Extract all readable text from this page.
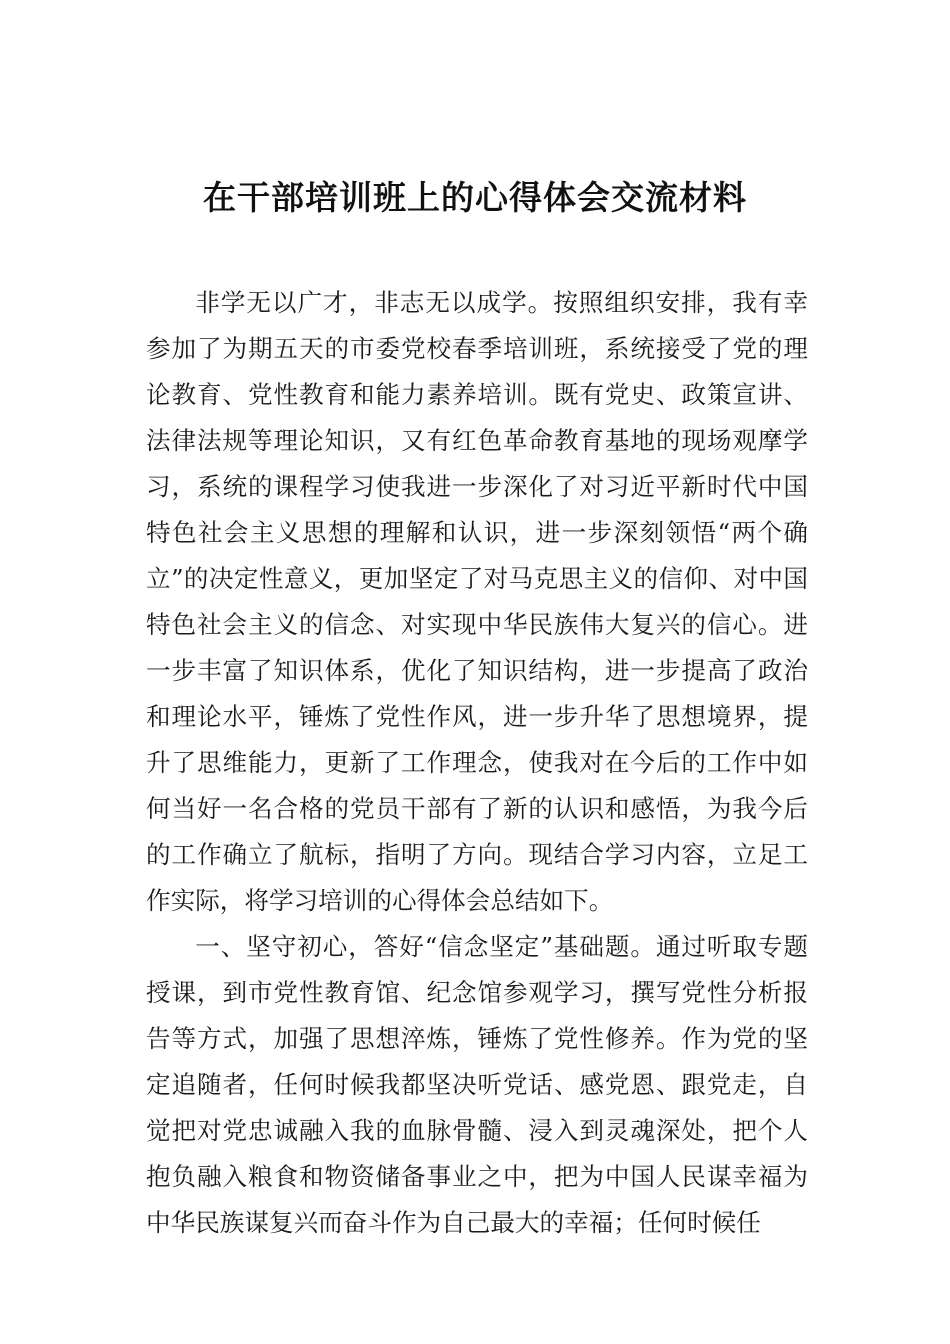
在干部培训班上的心得体会交流材料

非学无以广才，非志无以成学。按照组织安排，我有幸参加了为期五天的市委党校春季培训班，系统接受了党的理论教育、党性教育和能力素养培训。既有党史、政策宣讲、法律法规等理论知识，又有红色革命教育基地的现场观摩学习，系统的课程学习使我进一步深化了对习近平新时代中国特色社会主义思想的理解和认识，进一步深刻领悟“两个确立”的决定性意义，更加坚定了对马克思主义的信仰、对中国特色社会主义的信念、对实现中华民族伟大复兴的信心。进一步丰富了知识体系，优化了知识结构，进一步提高了政治和理论水平，锤炼了党性作风，进一步升华了思想境界，提升了思维能力，更新了工作理念，使我对在今后的工作中如何当好一名合格的党员干部有了新的认识和感悟，为我今后的工作确立了航标，指明了方向。现结合学习内容，立足工作实际，将学习培训的心得体会总结如下。

一、坚守初心，答好“信念坚定”基础题。通过听取专题授课，到市党性教育馆、纪念馆参观学习，撰写党性分析报告等方式，加强了思想淬炼，锤炼了党性修养。作为党的坚定追随者，任何时候我都坚决听党话、感党恩、跟党走，自觉把对党忠诚融入我的血脉骨髓、浸入到灵魂深处，把个人抱负融入粮食和物资储备事业之中，把为中国人民谋幸福为中华民族谋复兴而奋斗作为自己最大的幸福；任何时候任
